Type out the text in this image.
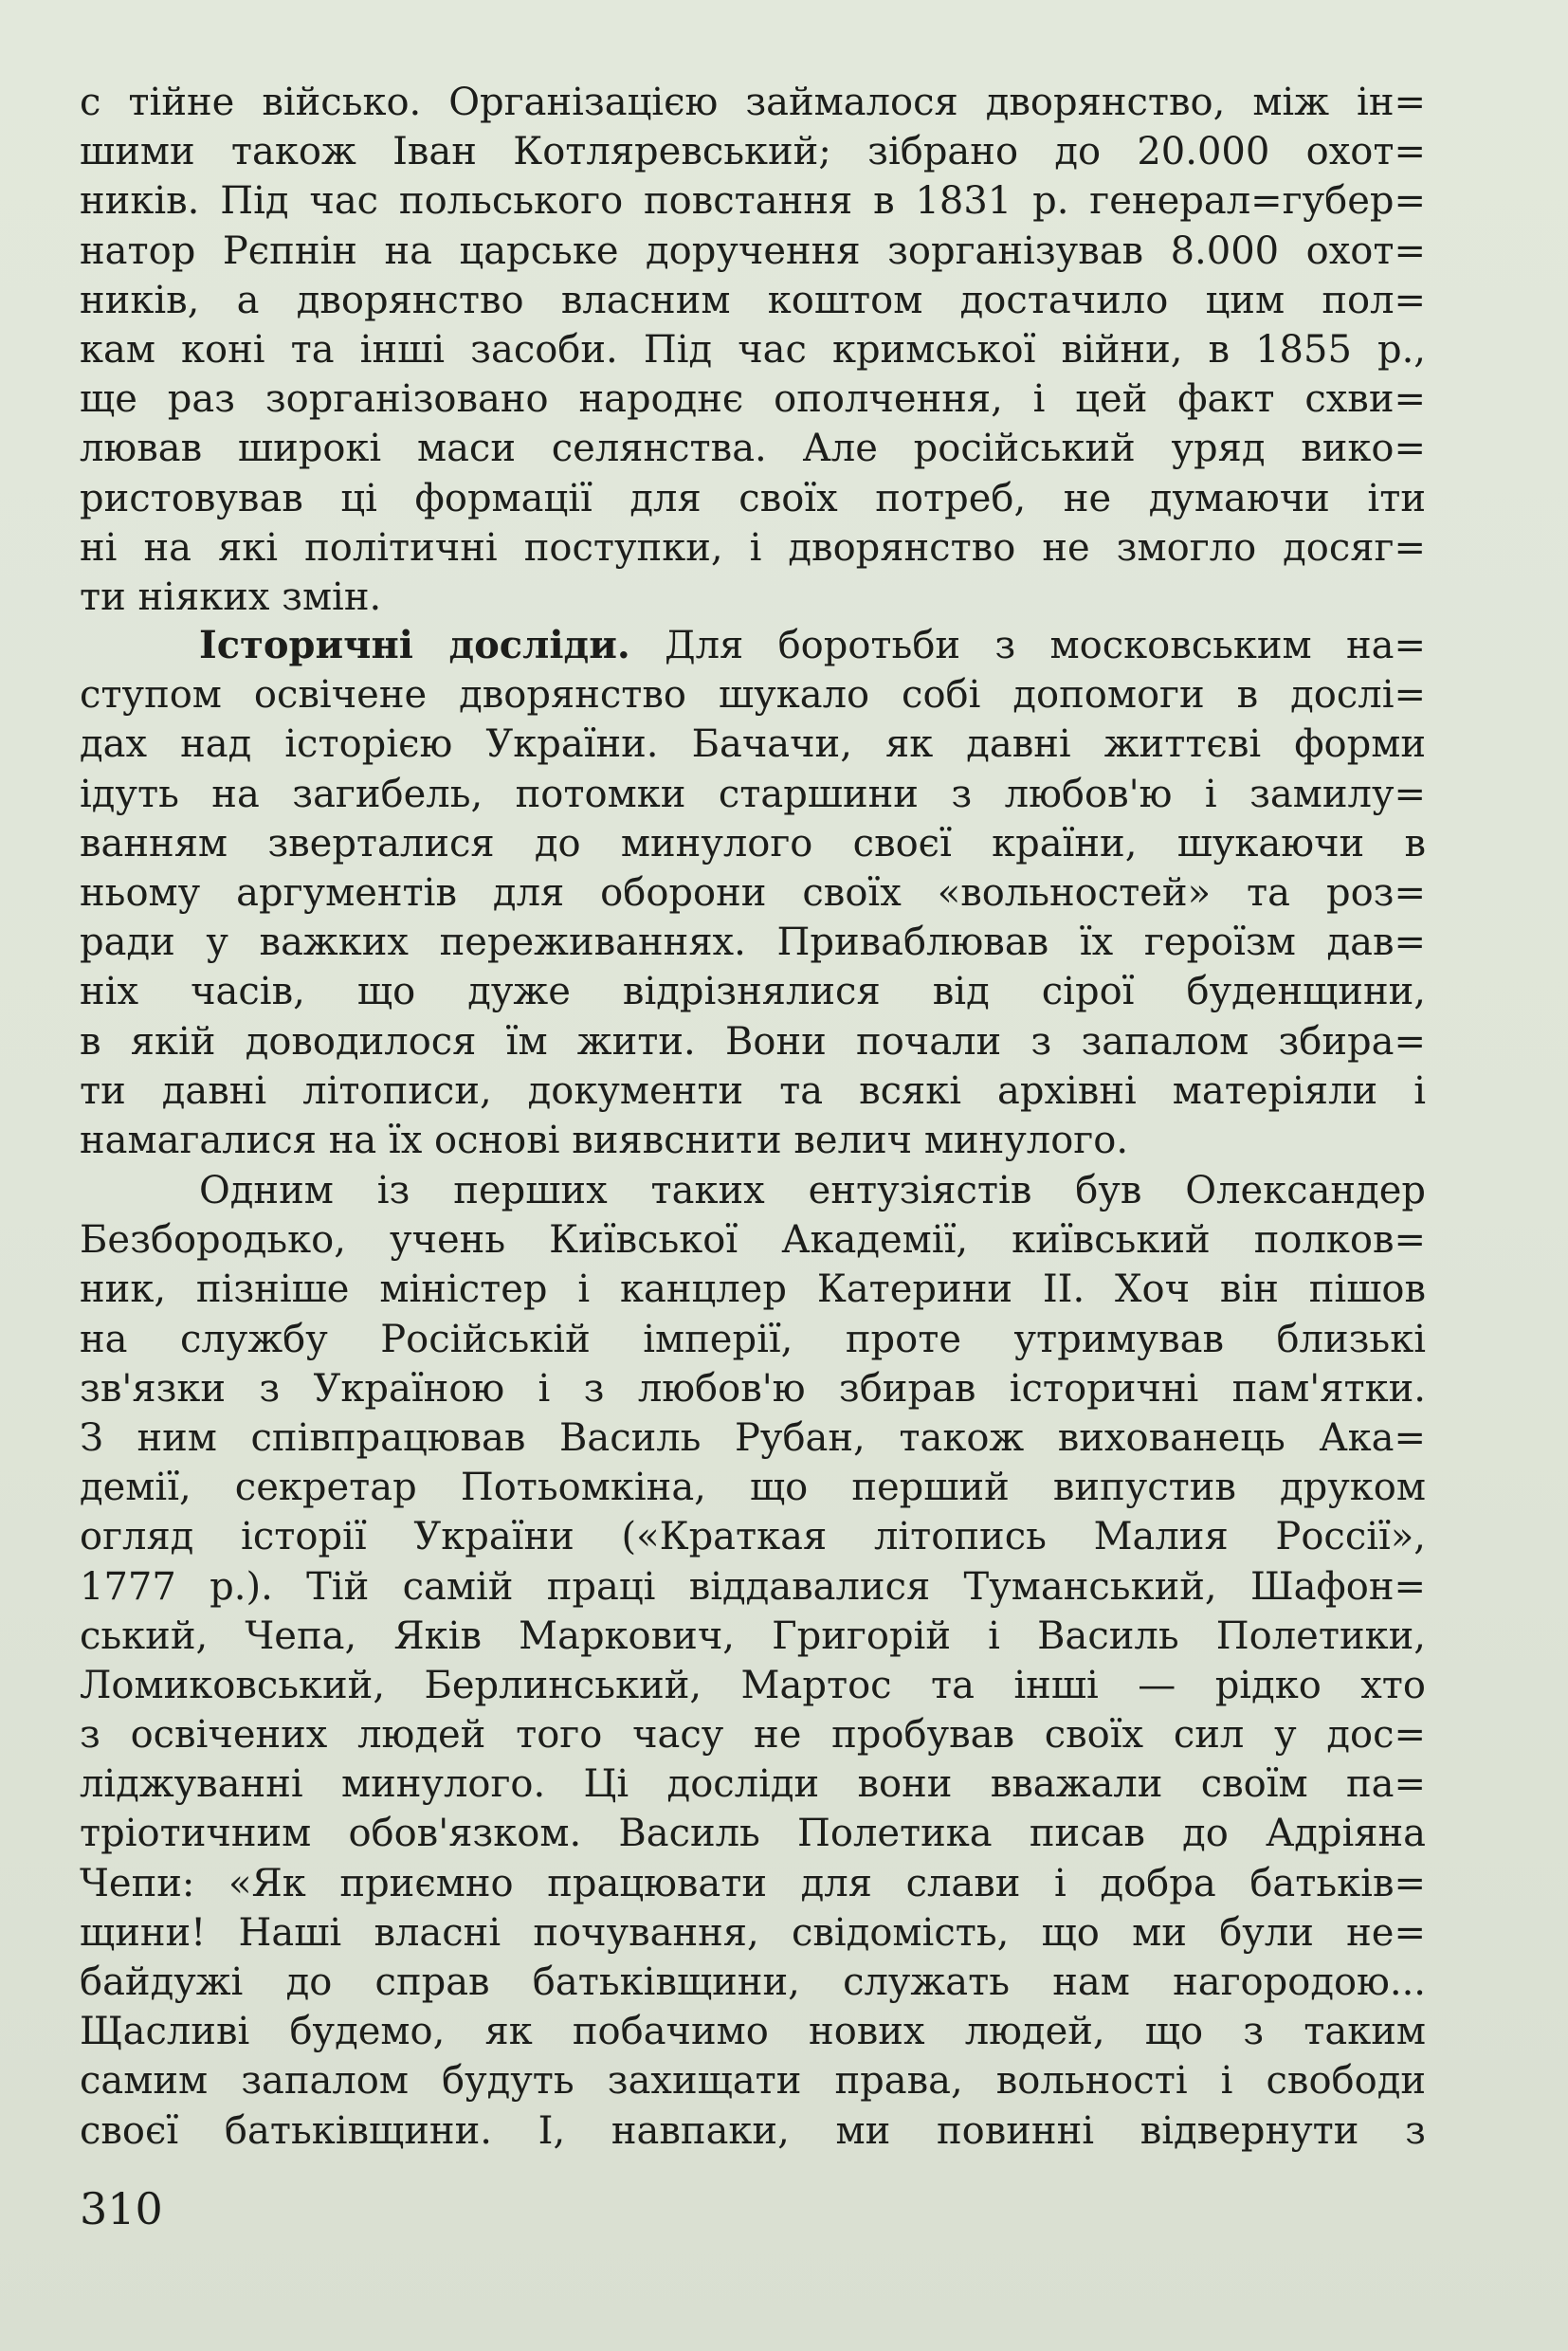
с тійне військо. Організацією займалося дворянство, між ін=
шими також Іван Котляревський; зібрано до 20.000 охот=
ників. Під час польського повстання в 1831 р. генерал=губер=
натор Рєпнін на царське доручення зорганізував 8.000 охот=
ників, а дворянство власним коштом достачило цим пол=
кам коні та інші засоби. Під час кримської війни, в 1855 р.,
ще раз зорганізовано народнє ополчення, і цей факт схви=
лював широкі маси селянства. Але російський уряд вико=
ристовував ці формації для своїх потреб, не думаючи іти
ні на які політичні поступки, і дворянство не змогло досяг=
ти ніяких змін.
Історичні досліди. Для боротьби з московським на=
ступом освічене дворянство шукало собі допомоги в дослі=
дах над історією України. Бачачи, як давні життєві форми
ідуть на загибель, потомки старшини з любов'ю і замилу=
ванням зверталися до минулого своєї країни, шукаючи в
ньому аргументів для оборони своїх «вольностей» та роз=
ради у важких переживаннях. Приваблював їх героїзм дав=
ніх часів, що дуже відрізнялися від сірої буденщини,
в якій доводилося їм жити. Вони почали з запалом збира=
ти давні літописи, документи та всякі архівні матеріяли і
намагалися на їх основі виявснити велич минулого.
Одним із перших таких ентузіястів був Олександер
Безбородько, учень Київської Академії, київський полков=
ник, пізніше міністер і канцлер Катерини II. Хоч він пішов
на службу Російській імперії, проте утримував близькі
зв'язки з Україною і з любов'ю збирав історичні пам'ятки.
З ним співпрацював Василь Рубан, також вихованець Ака=
демії, секретар Потьомкіна, що перший випустив друком
огляд історії України («Краткая літопись Малия Россії»,
1777 р.). Тій самій праці віддавалися Туманський, Шафон=
ський, Чепа, Яків Маркович, Григорій і Василь Полетики,
Ломиковський, Берлинський, Мартос та інші — рідко хто
з освічених людей того часу не пробував своїх сил у дос=
ліджуванні минулого. Ці досліди вони вважали своїм па=
тріотичним обов'язком. Василь Полетика писав до Адріяна
Чепи: «Як приємно працювати для слави і добра батьків=
щини! Наші власні почування, свідомість, що ми були не=
байдужі до справ батьківщини, служать нам нагородою...
Щасливі будемо, як побачимо нових людей, що з таким
самим запалом будуть захищати права, вольності і свободи
своєї батьківщини. І, навпаки, ми повинні відвернути з
310
